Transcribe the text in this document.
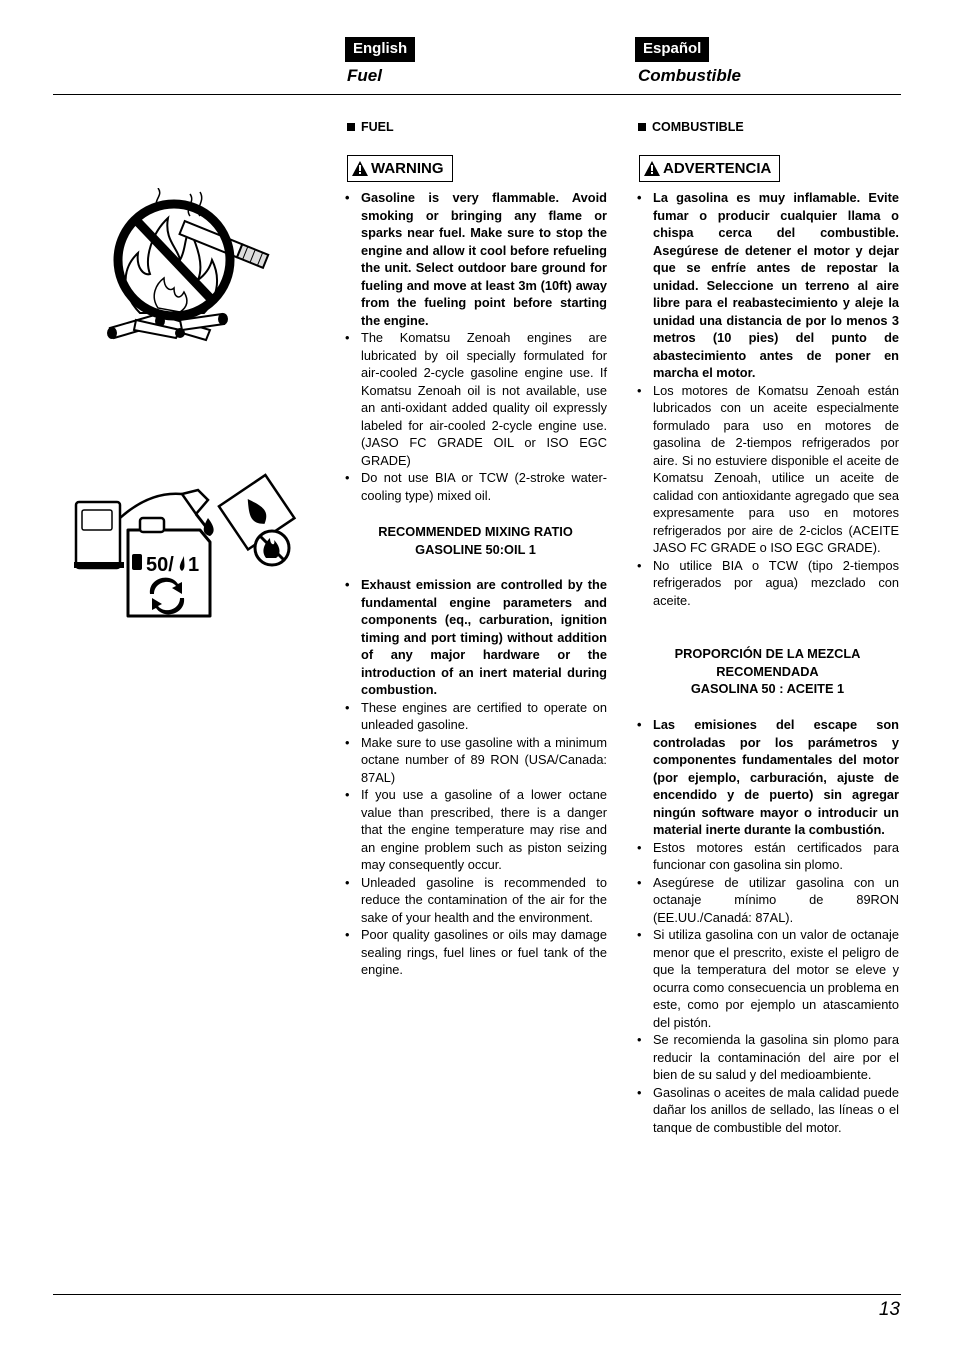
English	Español
Fuel	Combustible
50/ 1
FUEL
WARNING
• Gasoline is very flammable. Avoid smoking or bringing any flame or sparks near fuel. Make sure to stop the engine and allow it cool before refueling the unit. Select outdoor bare ground for fueling and move at least 3m (10ft) away from the fueling point before starting the engine.
• The Komatsu Zenoah engines are lubricated by oil specially formulated for air-cooled 2-cycle gasoline engine use. If Komatsu Zenoah oil is not available, use an anti-oxidant added quality oil expressly labeled for air-cooled 2-cycle engine use. (JASO FC GRADE OIL or ISO EGC GRADE)
• Do not use BIA or TCW (2-stroke water-cooling type) mixed oil.
RECOMMENDED MIXING RATIO
GASOLINE 50:OIL 1
• Exhaust emission are controlled by the fundamental engine parameters and components (eq., carburation, ignition timing and port timing) without addition of any major hardware or the introduction of an inert material during combustion.
• These engines are certified to operate on unleaded gasoline.
• Make sure to use gasoline with a minimum octane number of 89 RON (USA/Canada: 87AL)
• If you use a gasoline of a lower octane value than prescribed, there is a danger that the engine temperature may rise and an engine problem such as piston seizing may consequently occur.
• Unleaded gasoline is recommended to reduce the contamination of the air for the sake of your health and the environment.
• Poor quality gasolines or oils may damage sealing rings, fuel lines or fuel tank of the engine.
COMBUSTIBLE
ADVERTENCIA
• La gasolina es muy inflamable. Evite fumar o producir cualquier llama o chispa cerca del combustible. Asegúrese de detener el motor y dejar que se enfríe antes de repostar la unidad. Seleccione un terreno al aire libre para el reabastecimiento y aleje la unidad una distancia de por lo menos 3 metros (10 pies) del punto de abastecimiento antes de poner en marcha el motor.
• Los motores de Komatsu Zenoah están lubricados con un aceite especialmente formulado para uso en motores de gasolina de 2-tiempos refrigerados por aire. Si no estuviere disponible el aceite de Komatsu Zenoah, utilice un aceite de calidad con antioxidante agregado que sea expresamente para uso en motores refrigerados por aire de 2-ciclos (ACEITE JASO FC GRADE o ISO EGC GRADE).
• No utilice BIA o TCW (tipo 2-tiempos refrigerados por agua) mezclado con aceite.
PROPORCIÓN DE LA MEZCLA
RECOMENDADA
GASOLINA 50 : ACEITE 1
• Las emisiones del escape son controladas por los parámetros y componentes fundamentales del motor (por ejemplo, carburación, ajuste de encendido y de puerto) sin agregar ningún software mayor o introducir un material inerte durante la combustión.
• Estos motores están certificados para funcionar con gasolina sin plomo.
• Asegúrese de utilizar gasolina con un octanaje mínimo de 89RON (EE.UU./Canadá: 87AL).
• Si utiliza gasolina con un valor de octanaje menor que el prescrito, existe el peligro de que la temperatura del motor se eleve y ocurra como consecuencia un problema en este, como por ejemplo un atascamiento del pistón.
• Se recomienda la gasolina sin plomo para reducir la contaminación del aire por el bien de su salud y del medioambiente.
• Gasolinas o aceites de mala calidad puede dañar los anillos de sellado, las líneas o el tanque de combustible del motor.
13
